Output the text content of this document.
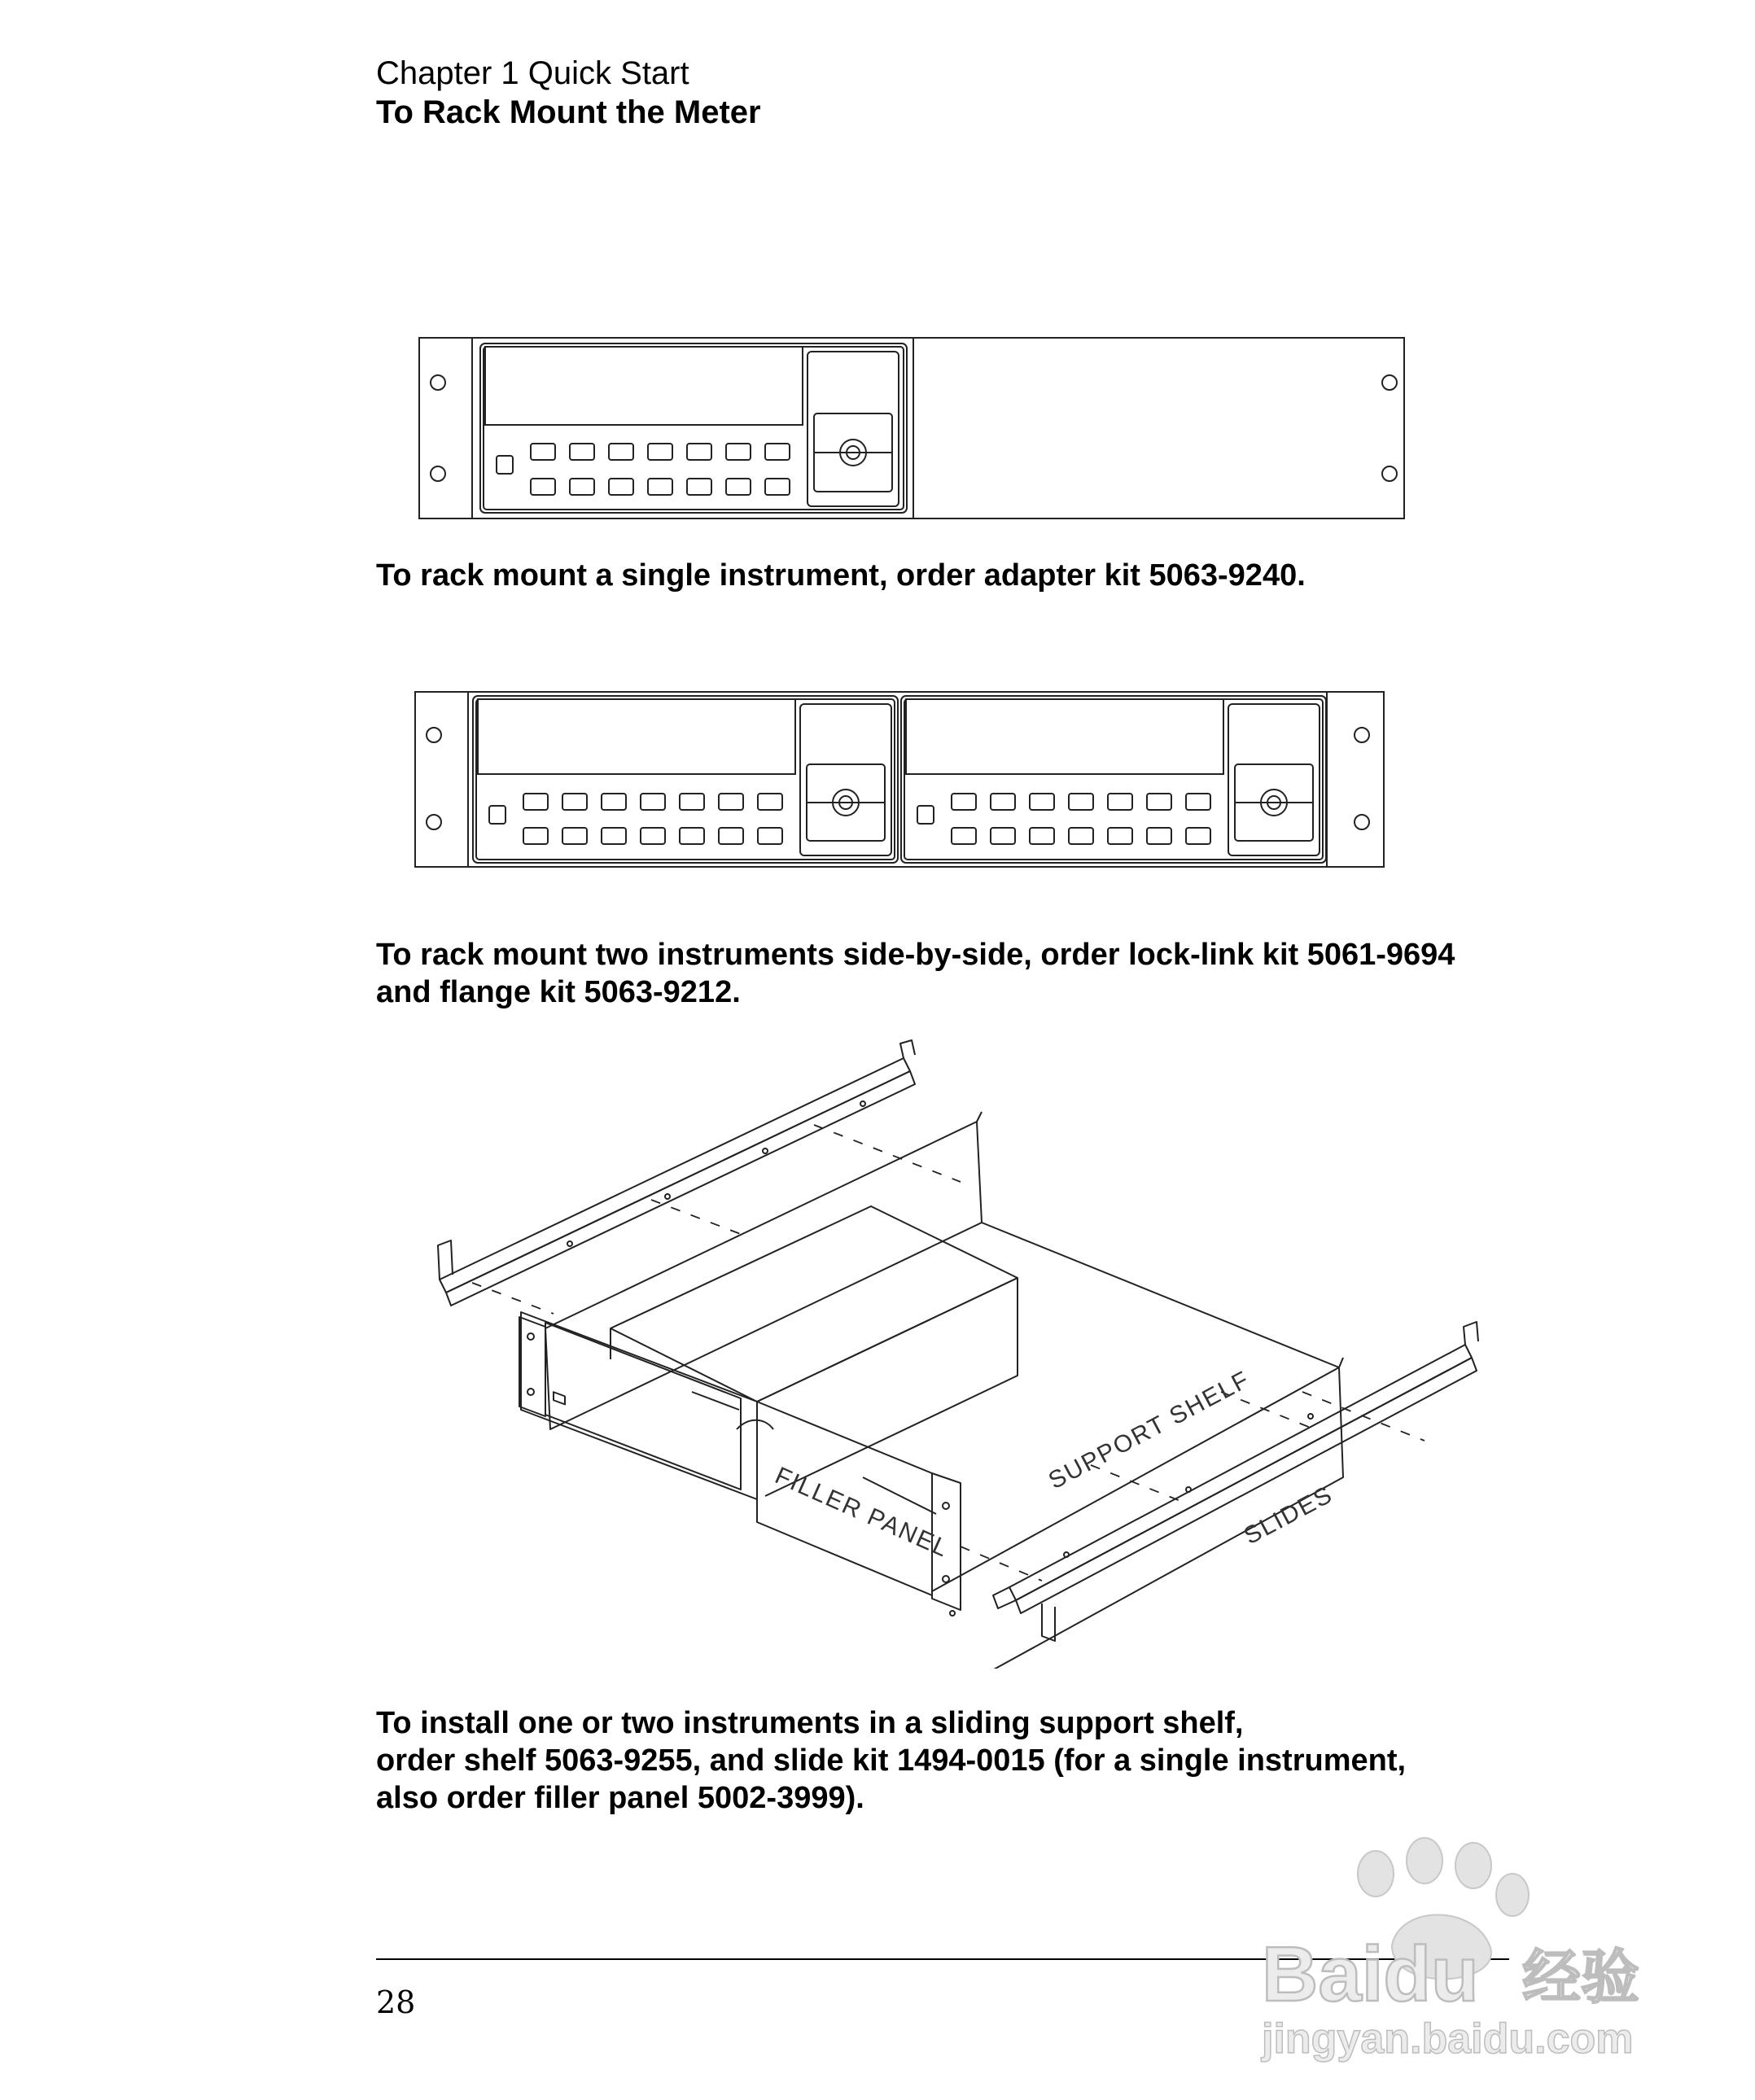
Chapter 1 Quick Start
To Rack Mount the Meter
To rack mount a single instrument, order adapter kit 5063-9240.
To rack mount two instruments side-by-side, order lock-link kit 5061-9694
and flange kit 5063-9212.
FILLER PANEL
SUPPORT SHELF
SLIDES
To install one or two instruments in a sliding support shelf,
order shelf 5063-9255, and slide kit 1494-0015 (for a single instrument,
also order filler panel 5002-3999).
28	Baidu 经验
jingyan.baidu.com
